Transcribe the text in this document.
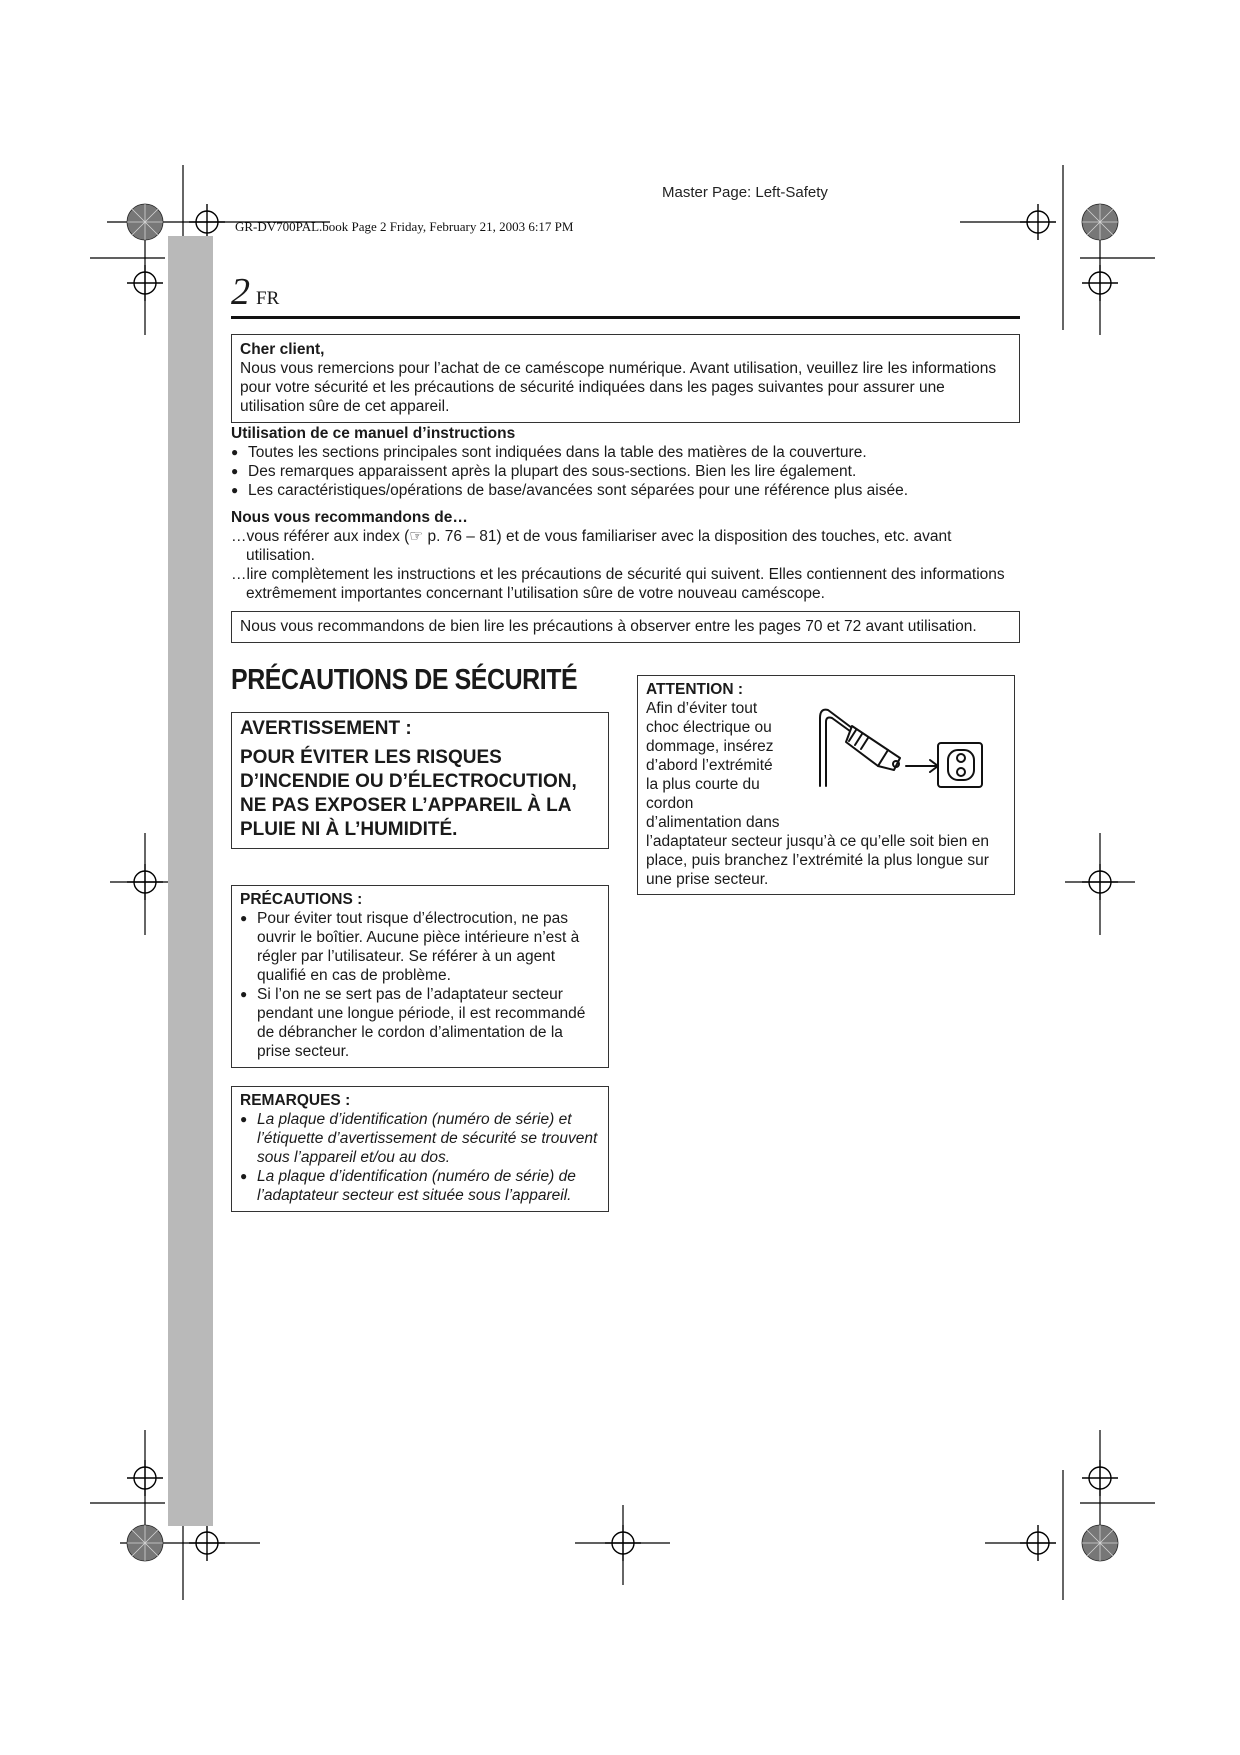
Master Page: Left-Safety
GR-DV700PAL.book Page 2 Friday, February 21, 2003 6:17 PM
2 FR
Cher client,
Nous vous remercions pour l’achat de ce caméscope numérique. Avant utilisation, veuillez lire les informations pour votre sécurité et les précautions de sécurité indiquées dans les pages suivantes pour assurer une utilisation sûre de cet appareil.
Utilisation de ce manuel d’instructions
● Toutes les sections principales sont indiquées dans la table des matières de la couverture.
● Des remarques apparaissent après la plupart des sous-sections. Bien les lire également.
● Les caractéristiques/opérations de base/avancées sont séparées pour une référence plus aisée.
Nous vous recommandons de…
…vous référer aux index (☞ p. 76 – 81) et de vous familiariser avec la disposition des touches, etc. avant utilisation.
…lire complètement les instructions et les précautions de sécurité qui suivent. Elles contiennent des informations extrêmement importantes concernant l’utilisation sûre de votre nouveau caméscope.
Nous vous recommandons de bien lire les précautions à observer entre les pages 70 et 72 avant utilisation.
PRÉCAUTIONS DE SÉCURITÉ
AVERTISSEMENT :
POUR ÉVITER LES RISQUES D’INCENDIE OU D’ÉLECTROCUTION, NE PAS EXPOSER L’APPAREIL À LA PLUIE NI À L’HUMIDITÉ.
PRÉCAUTIONS :
● Pour éviter tout risque d’électrocution, ne pas ouvrir le boîtier. Aucune pièce intérieure n’est à régler par l’utilisateur. Se référer à un agent qualifié en cas de problème.
● Si l’on ne se sert pas de l’adaptateur secteur pendant une longue période, il est recommandé de débrancher le cordon d’alimentation de la prise secteur.
REMARQUES :
● La plaque d’identification (numéro de série) et l’étiquette d’avertissement de sécurité se trouvent sous l’appareil et/ou au dos.
● La plaque d’identification (numéro de série) de l’adaptateur secteur est située sous l’appareil.
ATTENTION :
Afin d’éviter tout
choc électrique ou
dommage, insérez
d’abord l’extrémité
la plus courte du
cordon
d’alimentation dans
l’adaptateur secteur jusqu’à ce qu’elle soit bien en place, puis branchez l’extrémité la plus longue sur une prise secteur.
